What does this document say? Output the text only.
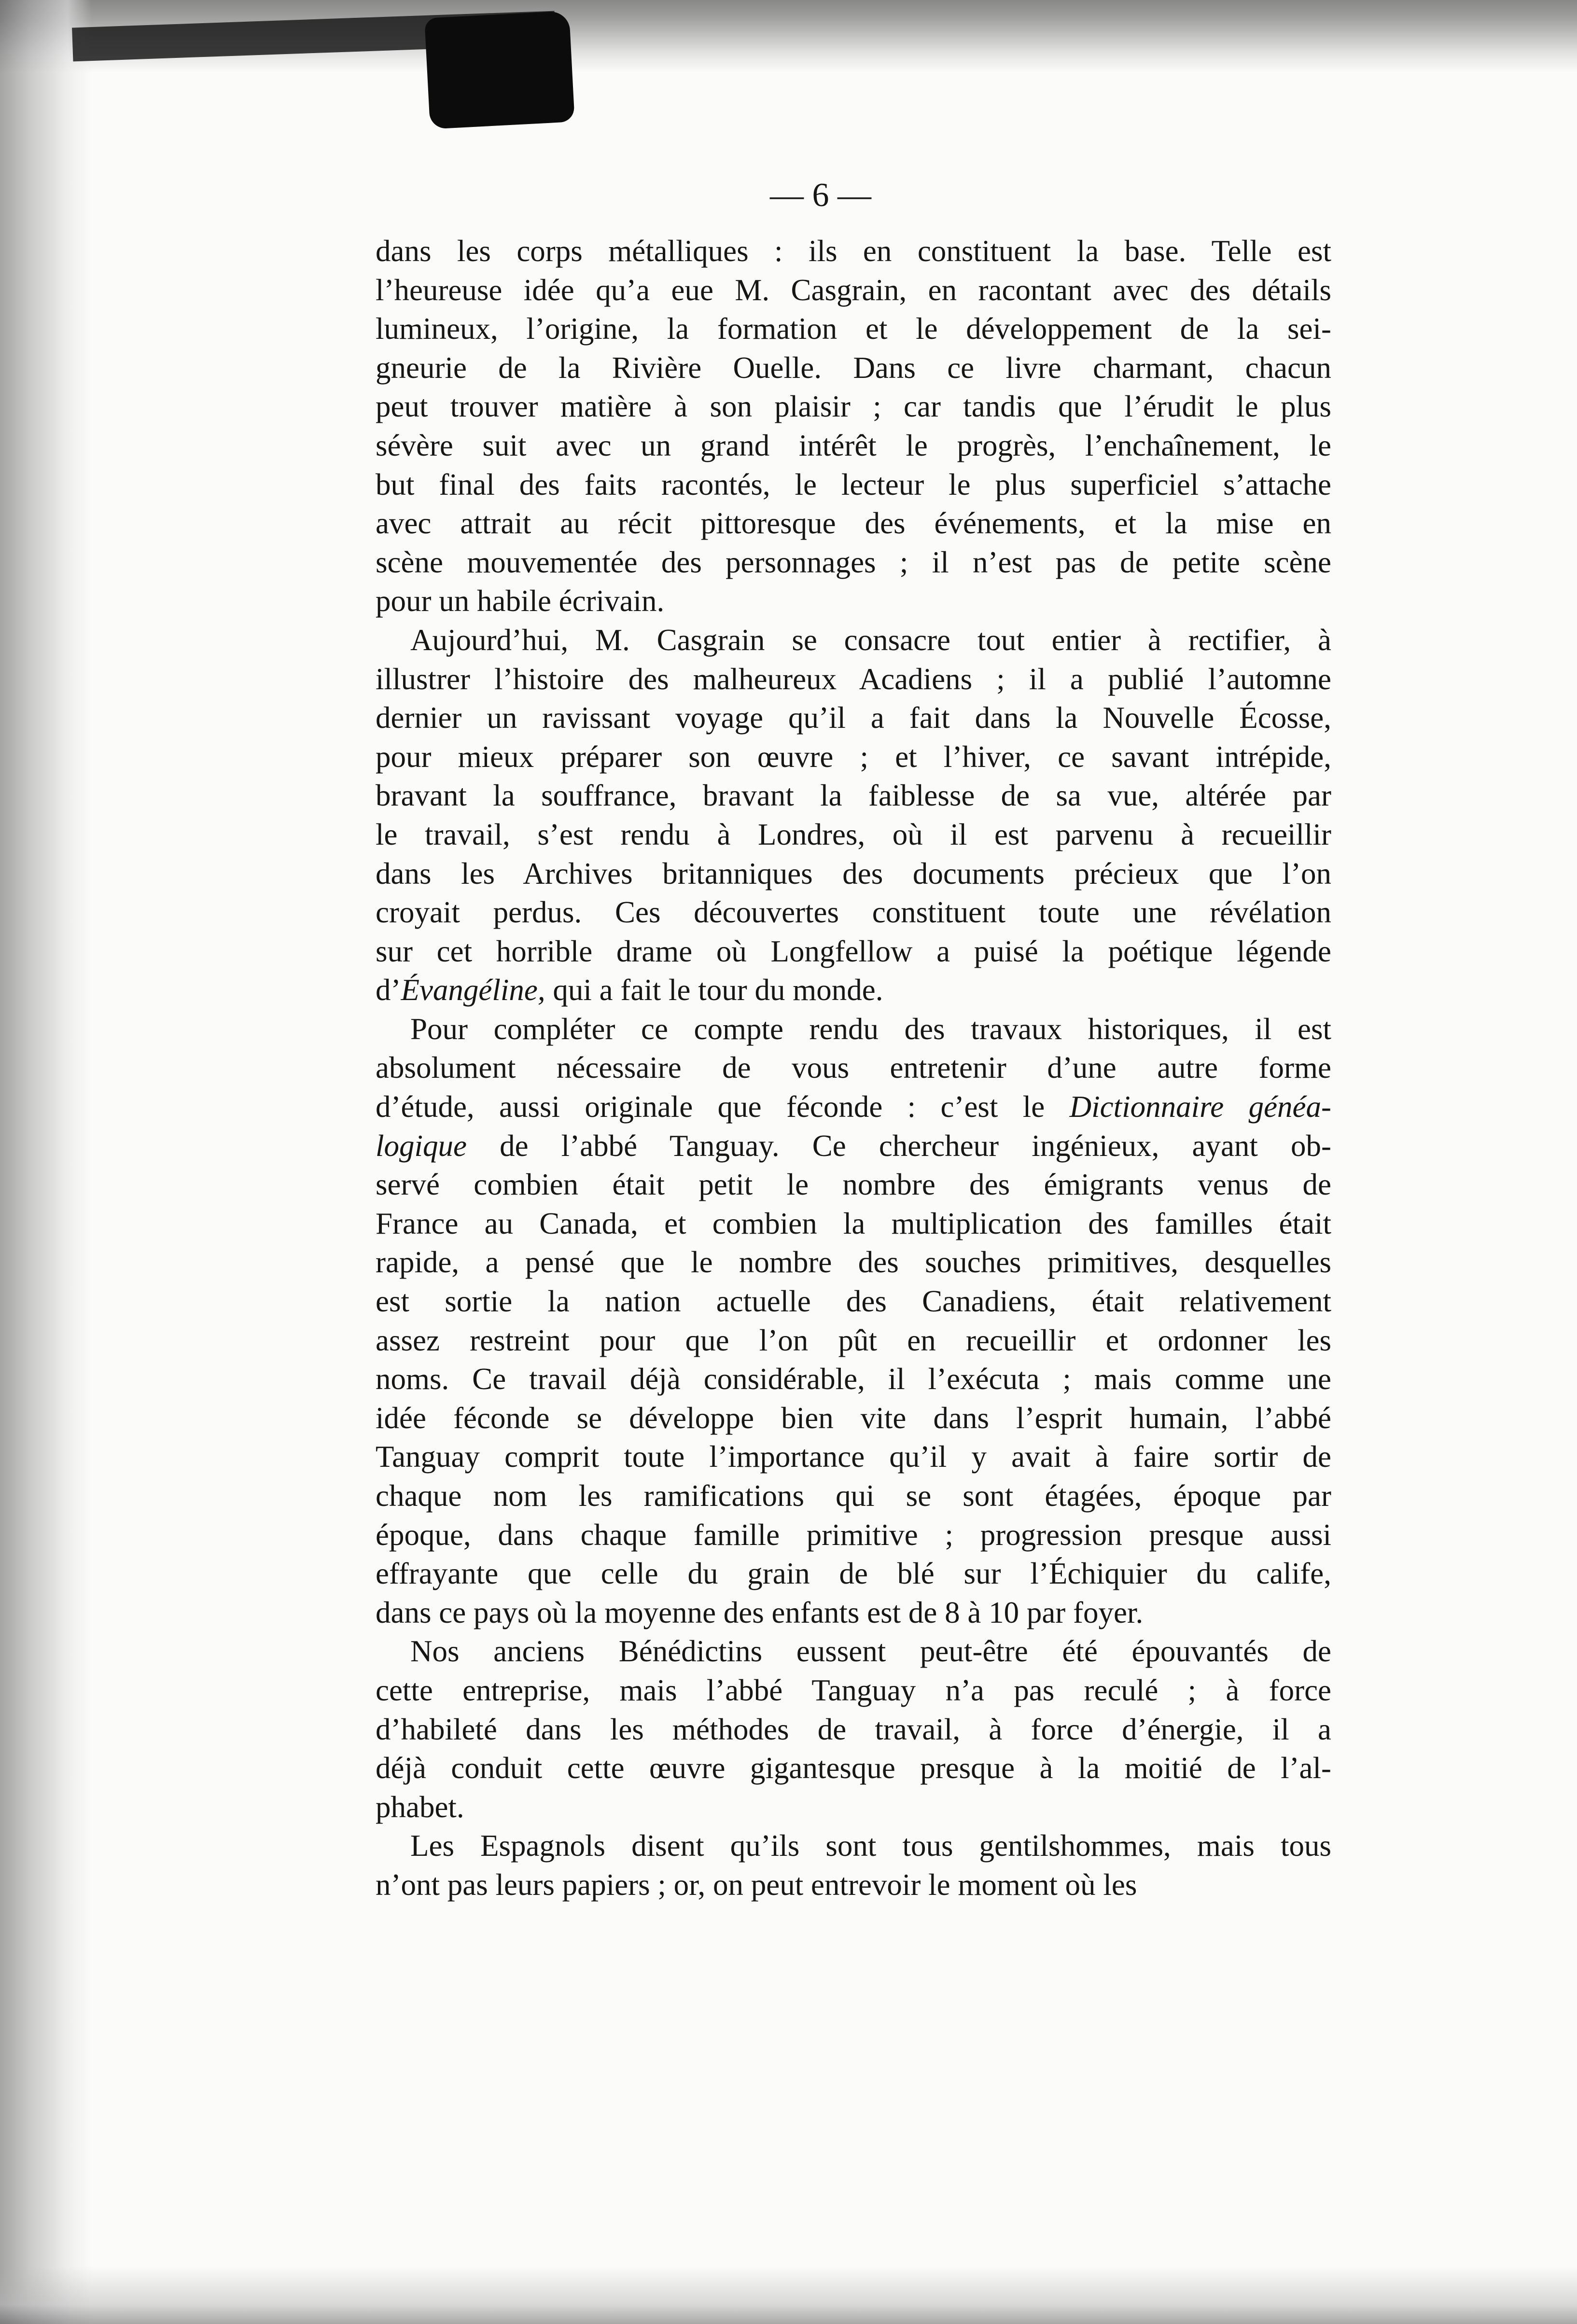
— 6 —
dans les corps métalliques : ils en constituent la base. Telle est
l’heureuse idée qu’a eue M. Casgrain, en racontant avec des détails
lumineux, l’origine, la formation et le développement de la sei-
gneurie de la Rivière Ouelle. Dans ce livre charmant, chacun
peut trouver matière à son plaisir ; car tandis que l’érudit le plus
sévère suit avec un grand intérêt le progrès, l’enchaînement, le
but final des faits racontés, le lecteur le plus superficiel s’attache
avec attrait au récit pittoresque des événements, et la mise en
scène mouvementée des personnages ; il n’est pas de petite scène
pour un habile écrivain.
Aujourd’hui, M. Casgrain se consacre tout entier à rectifier, à
illustrer l’histoire des malheureux Acadiens ; il a publié l’automne
dernier un ravissant voyage qu’il a fait dans la Nouvelle Écosse,
pour mieux préparer son œuvre ; et l’hiver, ce savant intrépide,
bravant la souffrance, bravant la faiblesse de sa vue, altérée par
le travail, s’est rendu à Londres, où il est parvenu à recueillir
dans les Archives britanniques des documents précieux que l’on
croyait perdus. Ces découvertes constituent toute une révélation
sur cet horrible drame où Longfellow a puisé la poétique légende
d’Évangéline, qui a fait le tour du monde.
Pour compléter ce compte rendu des travaux historiques, il est
absolument nécessaire de vous entretenir d’une autre forme
d’étude, aussi originale que féconde : c’est le Dictionnaire généa-
logique de l’abbé Tanguay. Ce chercheur ingénieux, ayant ob-
servé combien était petit le nombre des émigrants venus de
France au Canada, et combien la multiplication des familles était
rapide, a pensé que le nombre des souches primitives, desquelles
est sortie la nation actuelle des Canadiens, était relativement
assez restreint pour que l’on pût en recueillir et ordonner les
noms. Ce travail déjà considérable, il l’exécuta ; mais comme une
idée féconde se développe bien vite dans l’esprit humain, l’abbé
Tanguay comprit toute l’importance qu’il y avait à faire sortir de
chaque nom les ramifications qui se sont étagées, époque par
époque, dans chaque famille primitive ; progression presque aussi
effrayante que celle du grain de blé sur l’Échiquier du calife,
dans ce pays où la moyenne des enfants est de 8 à 10 par foyer.
Nos anciens Bénédictins eussent peut-être été épouvantés de
cette entreprise, mais l’abbé Tanguay n’a pas reculé ; à force
d’habileté dans les méthodes de travail, à force d’énergie, il a
déjà conduit cette œuvre gigantesque presque à la moitié de l’al-
phabet.
Les Espagnols disent qu’ils sont tous gentilshommes, mais tous
n’ont pas leurs papiers ; or, on peut entrevoir le moment où les
